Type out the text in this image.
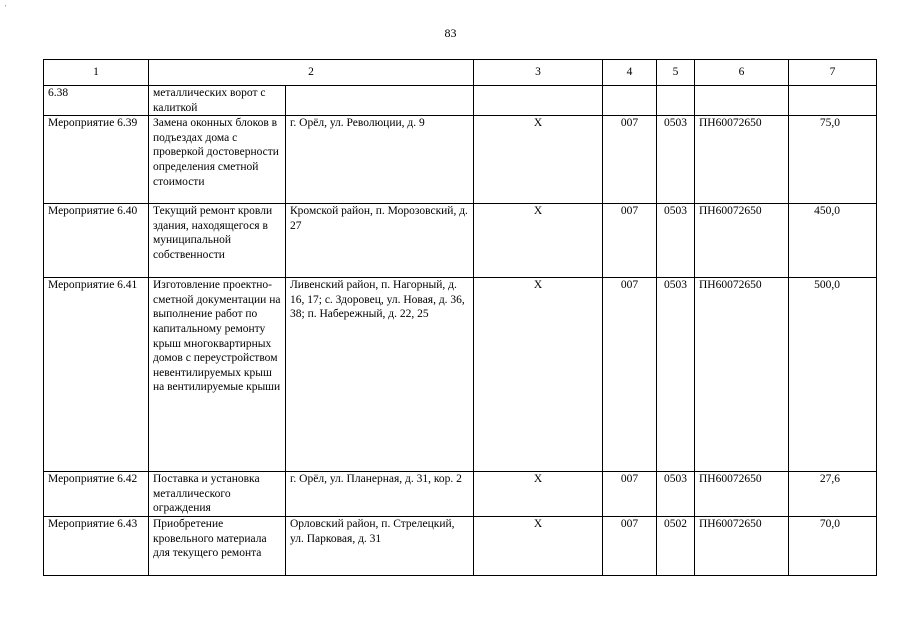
'
83
1	2		3	4	5	6	7
6.38	металлических ворот с калиткой						
Мероприятие 6.39	Замена оконных блоков в подъездах дома с проверкой достоверности определения сметной стоимости	г. Орёл, ул. Революции, д. 9	X	007	0503	ПН60072650	75,0
Мероприятие 6.40	Текущий ремонт кровли здания, находящегося в муниципальной собственности	Кромской район, п. Морозовский, д. 27	X	007	0503	ПН60072650	450,0
Мероприятие 6.41	Изготовление проектно-сметной документации на выполнение работ по капитальному ремонту крыш многоквартирных домов с переустройством невентилируемых крыш на вентилируемые крыши	Ливенский район, п. Нагорный, д. 16, 17; с. Здоровец, ул. Новая, д. 36, 38; п. Набережный, д. 22, 25	X	007	0503	ПН60072650	500,0
Мероприятие 6.42	Поставка и установка металлического ограждения	г. Орёл, ул. Планерная, д. 31, кор. 2	X	007	0503	ПН60072650	27,6
Мероприятие 6.43	Приобретение кровельного материала для текущего ремонта	Орловский район, п. Стрелецкий, ул. Парковая, д. 31	X	007	0502	ПН60072650	70,0
